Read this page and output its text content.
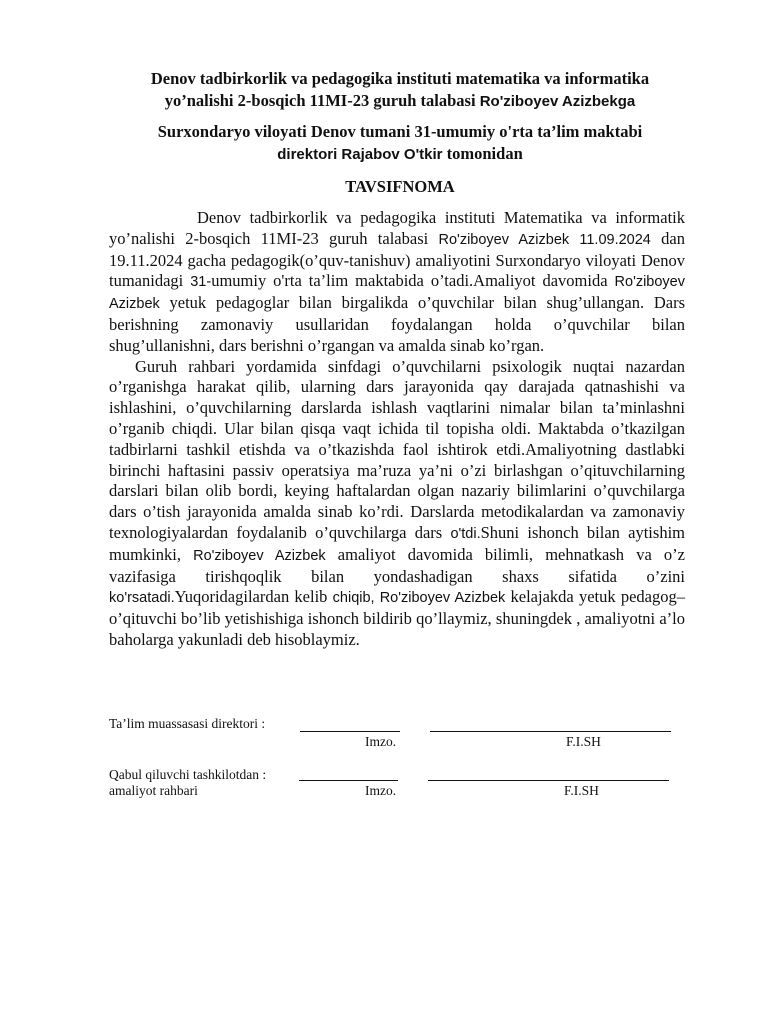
Denov tadbirkorlik va pedagogika instituti matematika va informatika
yo’nalishi 2-bosqich 11MI-23 guruh talabasi Ro'ziboyev Azizbekga

Surxondaryo viloyati Denov tumani 31-umumiy o'rta ta’lim maktabi
direktori Rajabov O'tkir tomonidan

TAVSIFNOMA

Denov tadbirkorlik va pedagogika instituti Matematika va informatik yo’nalishi 2-bosqich 11MI-23 guruh talabasi Ro'ziboyev Azizbek 11.09.2024 dan 19.11.2024 gacha pedagogik(o’quv-tanishuv) amaliyotini Surxondaryo viloyati Denov tumanidagi 31-umumiy o'rta ta’lim maktabida o’tadi.Amaliyot davomida Ro'ziboyev Azizbek yetuk pedagoglar bilan birgalikda o’quvchilar bilan shug’ullangan. Dars berishning zamonaviy usullaridan foydalangan holda o’quvchilar bilan shug’ullanishni, dars berishni o’rgangan va amalda sinab ko’rgan.

Guruh rahbari yordamida sinfdagi o’quvchilarni psixologik nuqtai nazardan o’rganishga harakat qilib, ularning dars jarayonida qay darajada qatnashishi va ishlashini, o’quvchilarning darslarda ishlash vaqtlarini nimalar bilan ta’minlashni o’rganib chiqdi. Ular bilan qisqa vaqt ichida til topisha oldi. Maktabda o’tkazilgan tadbirlarni tashkil etishda va o’tkazishda faol ishtirok etdi.Amaliyotning dastlabki birinchi haftasini passiv operatsiya ma’ruza ya’ni o’zi birlashgan o’qituvchilarning darslari bilan olib bordi, keying haftalardan olgan nazariy bilimlarini o’quvchilarga dars o’tish jarayonida amalda sinab ko’rdi. Darslarda metodikalardan va zamonaviy texnologiyalardan foydalanib o’quvchilarga dars o'tdi.Shuni ishonch bilan aytishim mumkinki, Ro'ziboyev Azizbek amaliyot davomida bilimli, mehnatkash va o’z vazifasiga tirishqoqlik bilan yondashadigan shaxs sifatida o’zini ko'rsatadi.Yuqoridagilardan kelib chiqib, Ro'ziboyev Azizbek kelajakda yetuk pedagog–o’qituvchi bo’lib yetishishiga ishonch bildirib qo’llaymiz, shuningdek , amaliyotni a’lo baholarga yakunladi deb hisoblaymiz.

Ta’lim muassasasi direktori :
Imzo.	F.I.SH
Qabul qiluvchi tashkilotdan :
amaliyot rahbari	Imzo.	F.I.SH
